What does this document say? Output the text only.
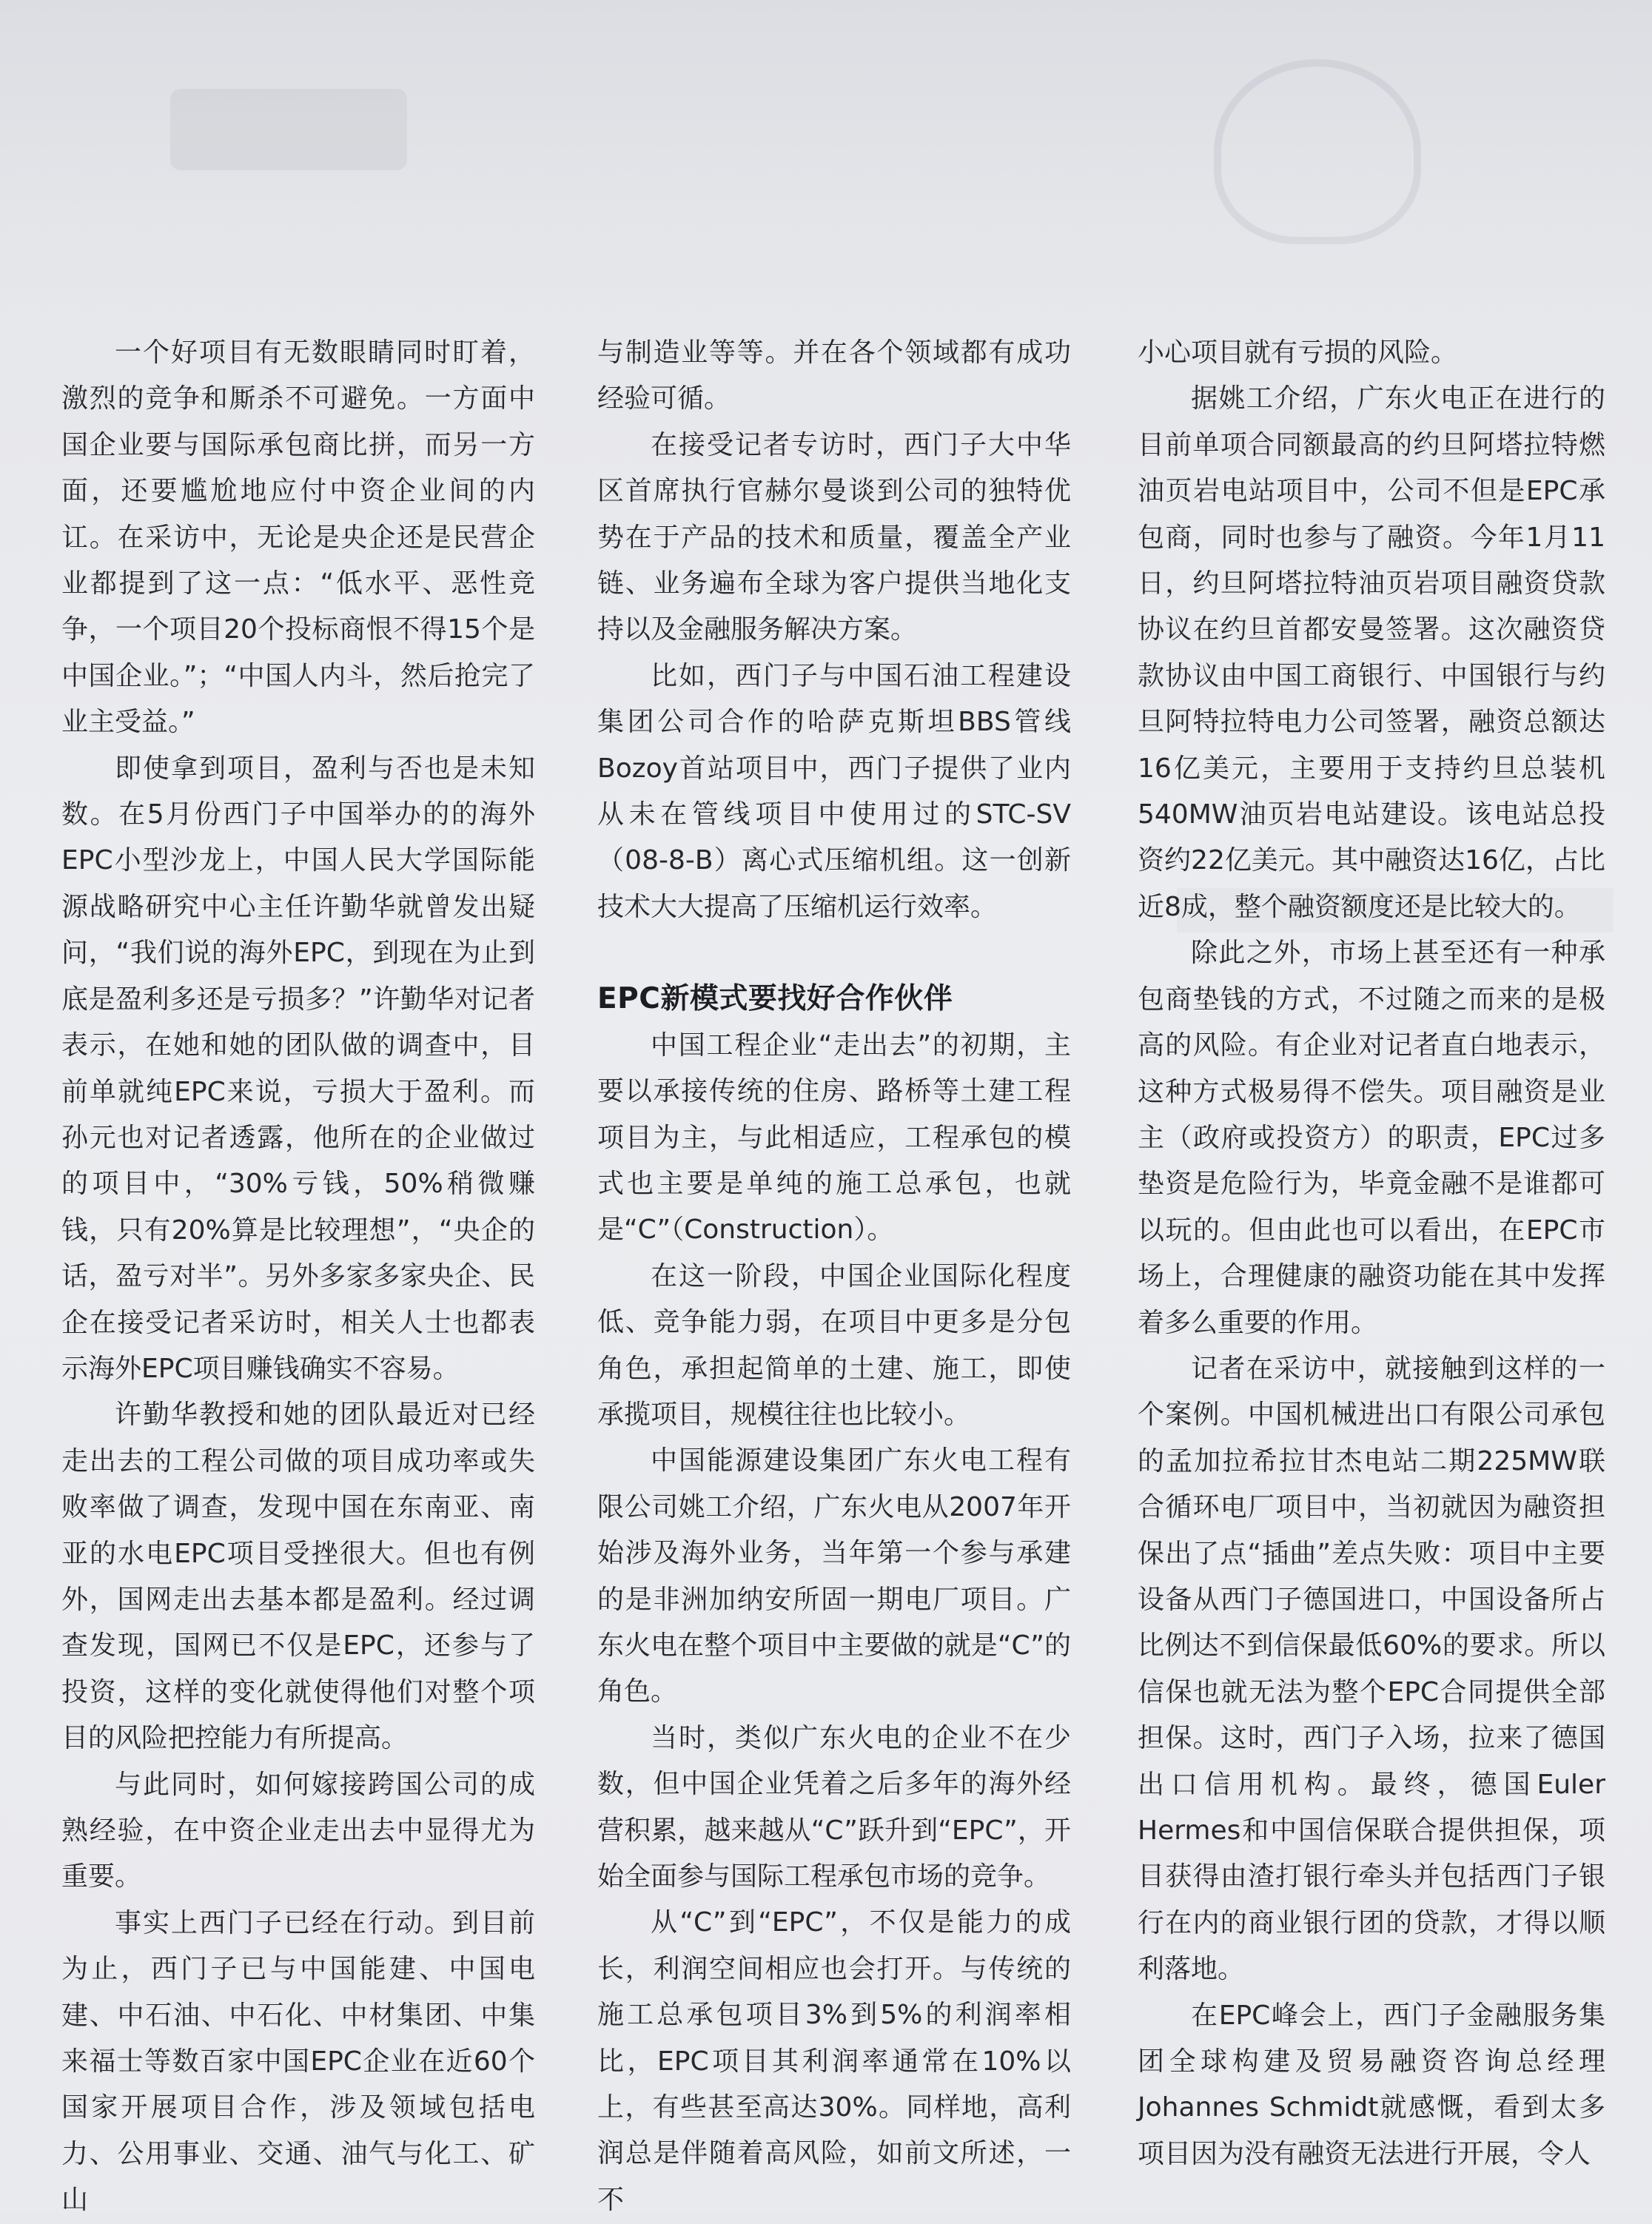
一个好项目有无数眼睛同时盯着，激烈的竞争和厮杀不可避免。一方面中国企业要与国际承包商比拼，而另一方面，还要尴尬地应付中资企业间的内讧。在采访中，无论是央企还是民营企业都提到了这一点：“低水平、恶性竞争，一个项目20个投标商恨不得15个是中国企业。”；“中国人内斗，然后抢完了业主受益。”

即使拿到项目，盈利与否也是未知数。在5月份西门子中国举办的的海外EPC小型沙龙上，中国人民大学国际能源战略研究中心主任许勤华就曾发出疑问，“我们说的海外EPC，到现在为止到底是盈利多还是亏损多？”许勤华对记者表示，在她和她的团队做的调查中，目前单就纯EPC来说，亏损大于盈利。而孙元也对记者透露，他所在的企业做过的项目中，“30%亏钱，50%稍微赚钱，只有20%算是比较理想”，“央企的话，盈亏对半”。另外多家多家央企、民企在接受记者采访时，相关人士也都表示海外EPC项目赚钱确实不容易。

许勤华教授和她的团队最近对已经走出去的工程公司做的项目成功率或失败率做了调查，发现中国在东南亚、南亚的水电EPC项目受挫很大。但也有例外，国网走出去基本都是盈利。经过调查发现，国网已不仅是EPC，还参与了投资，这样的变化就使得他们对整个项目的风险把控能力有所提高。

与此同时，如何嫁接跨国公司的成熟经验，在中资企业走出去中显得尤为重要。

事实上西门子已经在行动。到目前为止，西门子已与中国能建、中国电建、中石油、中石化、中材集团、中集来福士等数百家中国EPC企业在近60个国家开展项目合作，涉及领域包括电力、公用事业、交通、油气与化工、矿山

与制造业等等。并在各个领域都有成功经验可循。

在接受记者专访时，西门子大中华区首席执行官赫尔曼谈到公司的独特优势在于产品的技术和质量，覆盖全产业链、业务遍布全球为客户提供当地化支持以及金融服务解决方案。

比如，西门子与中国石油工程建设集团公司合作的哈萨克斯坦BBS管线Bozoy首站项目中，西门子提供了业内从未在管线项目中使用过的STC-SV（08-8-B）离心式压缩机组。这一创新技术大大提高了压缩机运行效率。

EPC新模式要找好合作伙伴

中国工程企业“走出去”的初期，主要以承接传统的住房、路桥等土建工程项目为主，与此相适应，工程承包的模式也主要是单纯的施工总承包，也就是“C”（Construction）。

在这一阶段，中国企业国际化程度低、竞争能力弱，在项目中更多是分包角色，承担起简单的土建、施工，即使承揽项目，规模往往也比较小。

中国能源建设集团广东火电工程有限公司姚工介绍，广东火电从2007年开始涉及海外业务，当年第一个参与承建的是非洲加纳安所固一期电厂项目。广东火电在整个项目中主要做的就是“C”的角色。

当时，类似广东火电的企业不在少数，但中国企业凭着之后多年的海外经营积累，越来越从“C”跃升到“EPC”，开始全面参与国际工程承包市场的竞争。

从“C”到“EPC”，不仅是能力的成长，利润空间相应也会打开。与传统的施工总承包项目3%到5%的利润率相比，EPC项目其利润率通常在10%以上，有些甚至高达30%。同样地，高利润总是伴随着高风险，如前文所述，一不

小心项目就有亏损的风险。

据姚工介绍，广东火电正在进行的目前单项合同额最高的约旦阿塔拉特燃油页岩电站项目中，公司不但是EPC承包商，同时也参与了融资。今年1月11日，约旦阿塔拉特油页岩项目融资贷款协议在约旦首都安曼签署。这次融资贷款协议由中国工商银行、中国银行与约旦阿特拉特电力公司签署，融资总额达16亿美元，主要用于支持约旦总装机540MW油页岩电站建设。该电站总投资约22亿美元。其中融资达16亿，占比近8成，整个融资额度还是比较大的。

除此之外，市场上甚至还有一种承包商垫钱的方式，不过随之而来的是极高的风险。有企业对记者直白地表示，这种方式极易得不偿失。项目融资是业主（政府或投资方）的职责，EPC过多垫资是危险行为，毕竟金融不是谁都可以玩的。但由此也可以看出，在EPC市场上，合理健康的融资功能在其中发挥着多么重要的作用。

记者在采访中，就接触到这样的一个案例。中国机械进出口有限公司承包的孟加拉希拉甘杰电站二期225MW联合循环电厂项目中，当初就因为融资担保出了点“插曲”差点失败：项目中主要设备从西门子德国进口，中国设备所占比例达不到信保最低60%的要求。所以信保也就无法为整个EPC合同提供全部担保。这时，西门子入场，拉来了德国出口信用机构。最终，德国Euler Hermes和中国信保联合提供担保，项目获得由渣打银行牵头并包括西门子银行在内的商业银行团的贷款，才得以顺利落地。

在EPC峰会上，西门子金融服务集团全球构建及贸易融资咨询总经理Johannes Schmidt就感慨，看到太多项目因为没有融资无法进行开展，令人
